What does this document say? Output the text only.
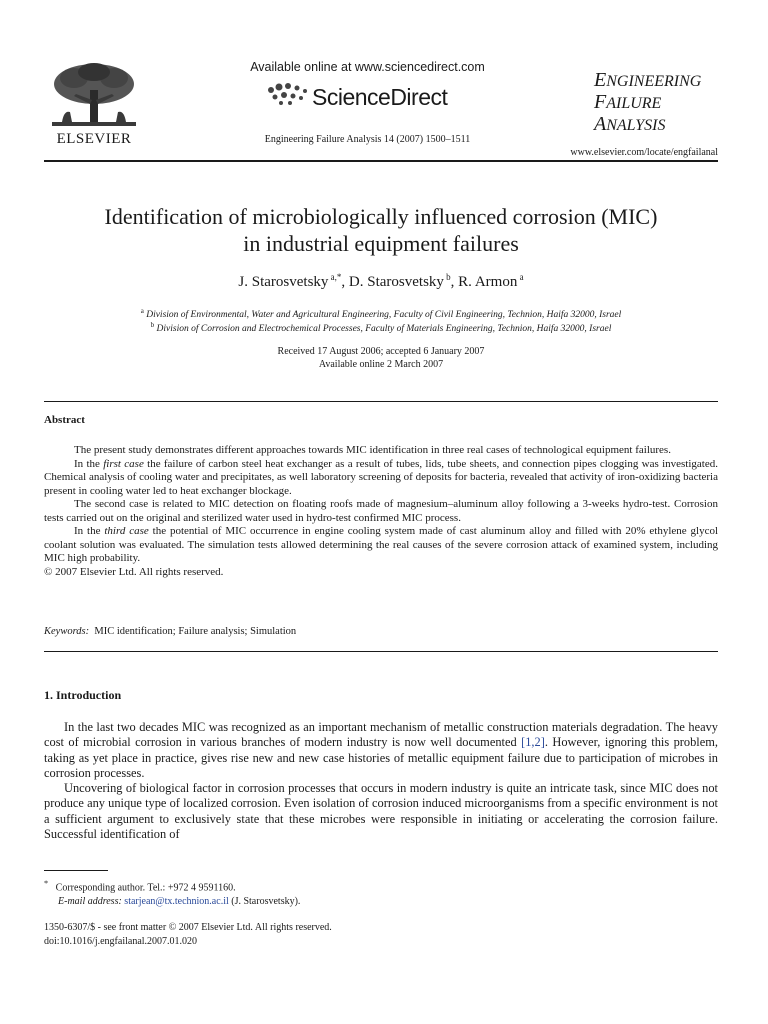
ELSEVIER
Available online at www.sciencedirect.com
ScienceDirect
Engineering Failure Analysis 14 (2007) 1500–1511
ENGINEERING
FAILURE
ANALYSIS
www.elsevier.com/locate/engfailanal
Identification of microbiologically influenced corrosion (MIC)
in industrial equipment failures
J. Starosvetsky $^{a,*}$, D. Starosvetsky $^b$, R. Armon $^a$
$^a$ Division of Environmental, Water and Agricultural Engineering, Faculty of Civil Engineering, Technion, Haifa 32000, Israel
$^b$ Division of Corrosion and Electrochemical Processes, Faculty of Materials Engineering, Technion, Haifa 32000, Israel
Received 17 August 2006; accepted 6 January 2007
Available online 2 March 2007
Abstract

The present study demonstrates different approaches towards MIC identification in three real cases of technological equipment failures.

In the first case the failure of carbon steel heat exchanger as a result of tubes, lids, tube sheets, and connection pipes clogging was investigated. Chemical analysis of cooling water and precipitates, as well laboratory screening of deposits for bacteria, revealed that activity of iron-oxidizing bacteria present in cooling water led to heat exchanger blockage.

The second case is related to MIC detection on floating roofs made of magnesium–aluminum alloy following a 3-weeks hydro-test. Corrosion tests carried out on the original and sterilized water used in hydro-test confirmed MIC process.

In the third case the potential of MIC occurrence in engine cooling system made of cast aluminum alloy and filled with 20% ethylene glycol coolant solution was evaluated. The simulation tests allowed determining the real causes of the severe corrosion attack of examined system, including MIC high probability.

© 2007 Elsevier Ltd. All rights reserved.

Keywords: MIC identification; Failure analysis; Simulation
1. Introduction

In the last two decades MIC was recognized as an important mechanism of metallic construction materials degradation. The heavy cost of microbial corrosion in various branches of modern industry is now well documented [1,2]. However, ignoring this problem, taking as yet place in practice, gives rise new and new case histories of metallic equipment failure due to participation of microbes in corrosion processes.

Uncovering of biological factor in corrosion processes that occurs in modern industry is quite an intricate task, since MIC does not produce any unique type of localized corrosion. Even isolation of corrosion induced microorganisms from a specific environment is not a sufficient argument to exclusively state that these microbes were responsible in initiating or accelerating the corrosion failure. Successful identification of

* Corresponding author. Tel.: +972 4 9591160.
E-mail address: starjean@tx.technion.ac.il (J. Starosvetsky).
1350-6307/$ - see front matter © 2007 Elsevier Ltd. All rights reserved.
doi:10.1016/j.engfailanal.2007.01.020
